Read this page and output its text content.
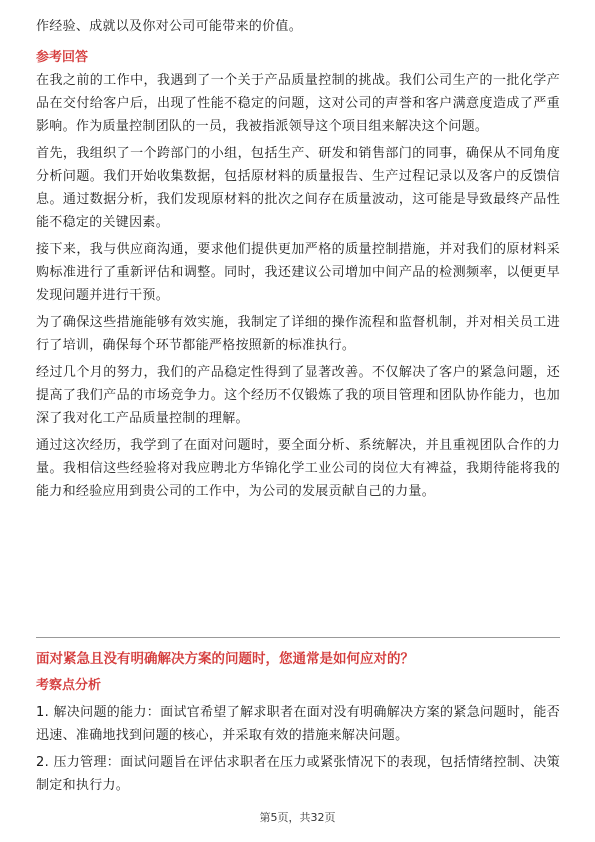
作经验、成就以及你对公司可能带来的价值。

参考回答

在我之前的工作中，我遇到了一个关于产品质量控制的挑战。我们公司生产的一批化学产品在交付给客户后，出现了性能不稳定的问题，这对公司的声誉和客户满意度造成了严重影响。作为质量控制团队的一员，我被指派领导这个项目组来解决这个问题。

首先，我组织了一个跨部门的小组，包括生产、研发和销售部门的同事，确保从不同角度分析问题。我们开始收集数据，包括原材料的质量报告、生产过程记录以及客户的反馈信息。通过数据分析，我们发现原材料的批次之间存在质量波动，这可能是导致最终产品性能不稳定的关键因素。

接下来，我与供应商沟通，要求他们提供更加严格的质量控制措施，并对我们的原材料采购标准进行了重新评估和调整。同时，我还建议公司增加中间产品的检测频率，以便更早发现问题并进行干预。

为了确保这些措施能够有效实施，我制定了详细的操作流程和监督机制，并对相关员工进行了培训，确保每个环节都能严格按照新的标准执行。

经过几个月的努力，我们的产品稳定性得到了显著改善。不仅解决了客户的紧急问题，还提高了我们产品的市场竞争力。这个经历不仅锻炼了我的项目管理和团队协作能力，也加深了我对化工产品质量控制的理解。

通过这次经历，我学到了在面对问题时，要全面分析、系统解决，并且重视团队合作的力量。我相信这些经验将对我应聘北方华锦化学工业公司的岗位大有裨益，我期待能将我的能力和经验应用到贵公司的工作中，为公司的发展贡献自己的力量。

面对紧急且没有明确解决方案的问题时，您通常是如何应对的？
考察点分析

1. 解决问题的能力：面试官希望了解求职者在面对没有明确解决方案的紧急问题时，能否迅速、准确地找到问题的核心，并采取有效的措施来解决问题。

2. 压力管理：面试问题旨在评估求职者在压力或紧张情况下的表现，包括情绪控制、决策制定和执行力。

第5页，共32页
